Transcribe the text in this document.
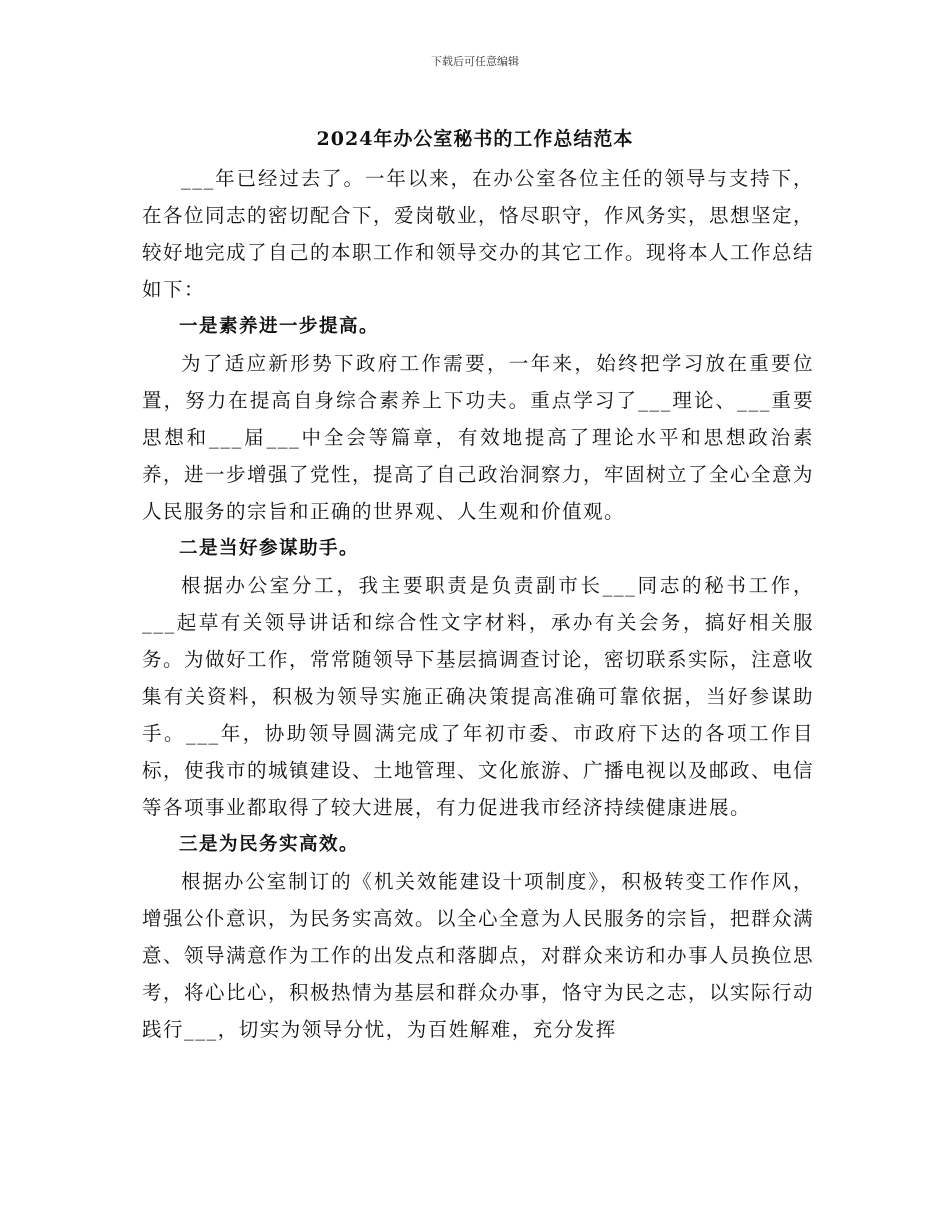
下载后可任意编辑
2024年办公室秘书的工作总结范本

___年已经过去了。一年以来，在办公室各位主任的领导与支持下，在各位同志的密切配合下，爱岗敬业，恪尽职守，作风务实，思想坚定，较好地完成了自己的本职工作和领导交办的其它工作。现将本人工作总结如下：

一是素养进一步提高。

为了适应新形势下政府工作需要，一年来，始终把学习放在重要位置，努力在提高自身综合素养上下功夫。重点学习了___理论、___重要思想和___届___中全会等篇章，有效地提高了理论水平和思想政治素养，进一步增强了党性，提高了自己政治洞察力，牢固树立了全心全意为人民服务的宗旨和正确的世界观、人生观和价值观。

二是当好参谋助手。

根据办公室分工，我主要职责是负责副市长___同志的秘书工作，___起草有关领导讲话和综合性文字材料，承办有关会务，搞好相关服务。为做好工作，常常随领导下基层搞调查讨论，密切联系实际，注意收集有关资料，积极为领导实施正确决策提高准确可靠依据，当好参谋助手。___年，协助领导圆满完成了年初市委、市政府下达的各项工作目标，使我市的城镇建设、土地管理、文化旅游、广播电视以及邮政、电信等各项事业都取得了较大进展，有力促进我市经济持续健康进展。

三是为民务实高效。

根据办公室制订的《机关效能建设十项制度》，积极转变工作作风，增强公仆意识，为民务实高效。以全心全意为人民服务的宗旨，把群众满意、领导满意作为工作的出发点和落脚点，对群众来访和办事人员换位思考，将心比心，积极热情为基层和群众办事，恪守为民之志，以实际行动践行___，切实为领导分忧，为百姓解难，充分发挥
